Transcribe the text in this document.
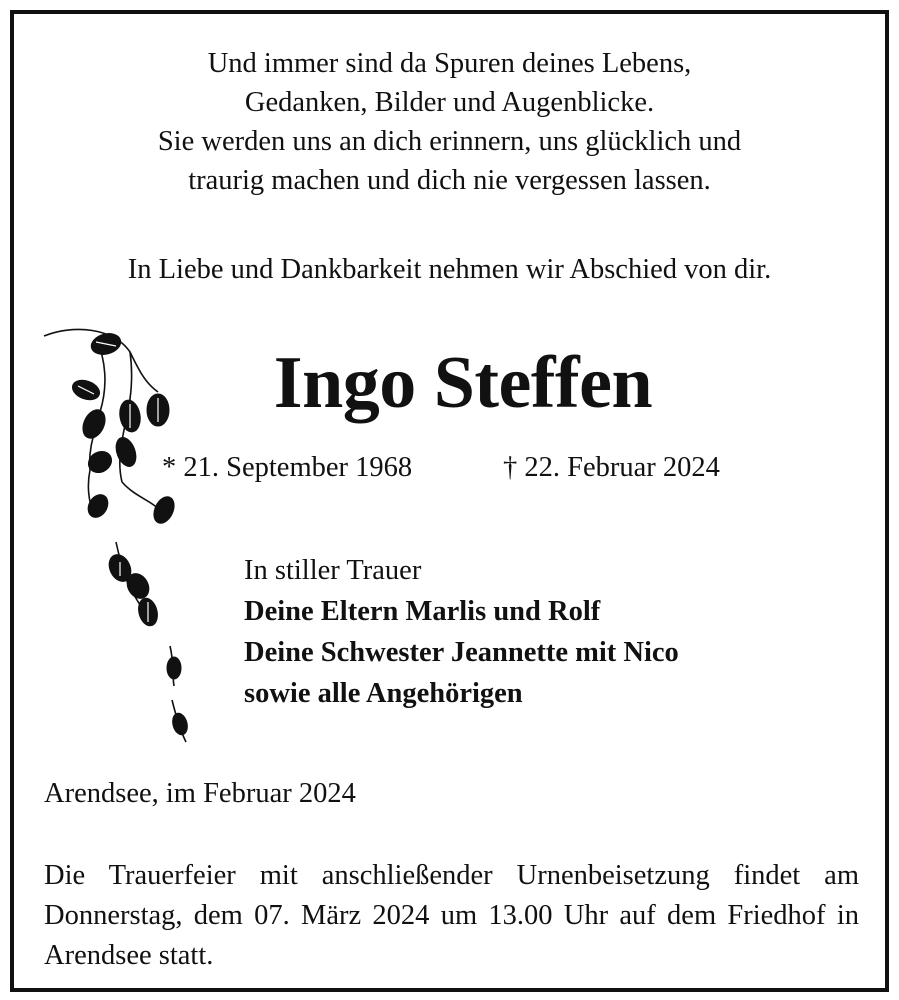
Und immer sind da Spuren deines Lebens,
Gedanken, Bilder und Augenblicke.
Sie werden uns an dich erinnern, uns glücklich und
traurig machen und dich nie vergessen lassen.
In Liebe und Dankbarkeit nehmen wir Abschied von dir.
Ingo Steffen
* 21. September 1968	† 22. Februar 2024
In stiller Trauer
Deine Eltern Marlis und Rolf
Deine Schwester Jeannette mit Nico
sowie alle Angehörigen
Arendsee, im Februar 2024
Die Trauerfeier mit anschließender Urnenbeisetzung findet am Donnerstag, dem 07. März 2024 um 13.00 Uhr auf dem Friedhof in Arendsee statt.
